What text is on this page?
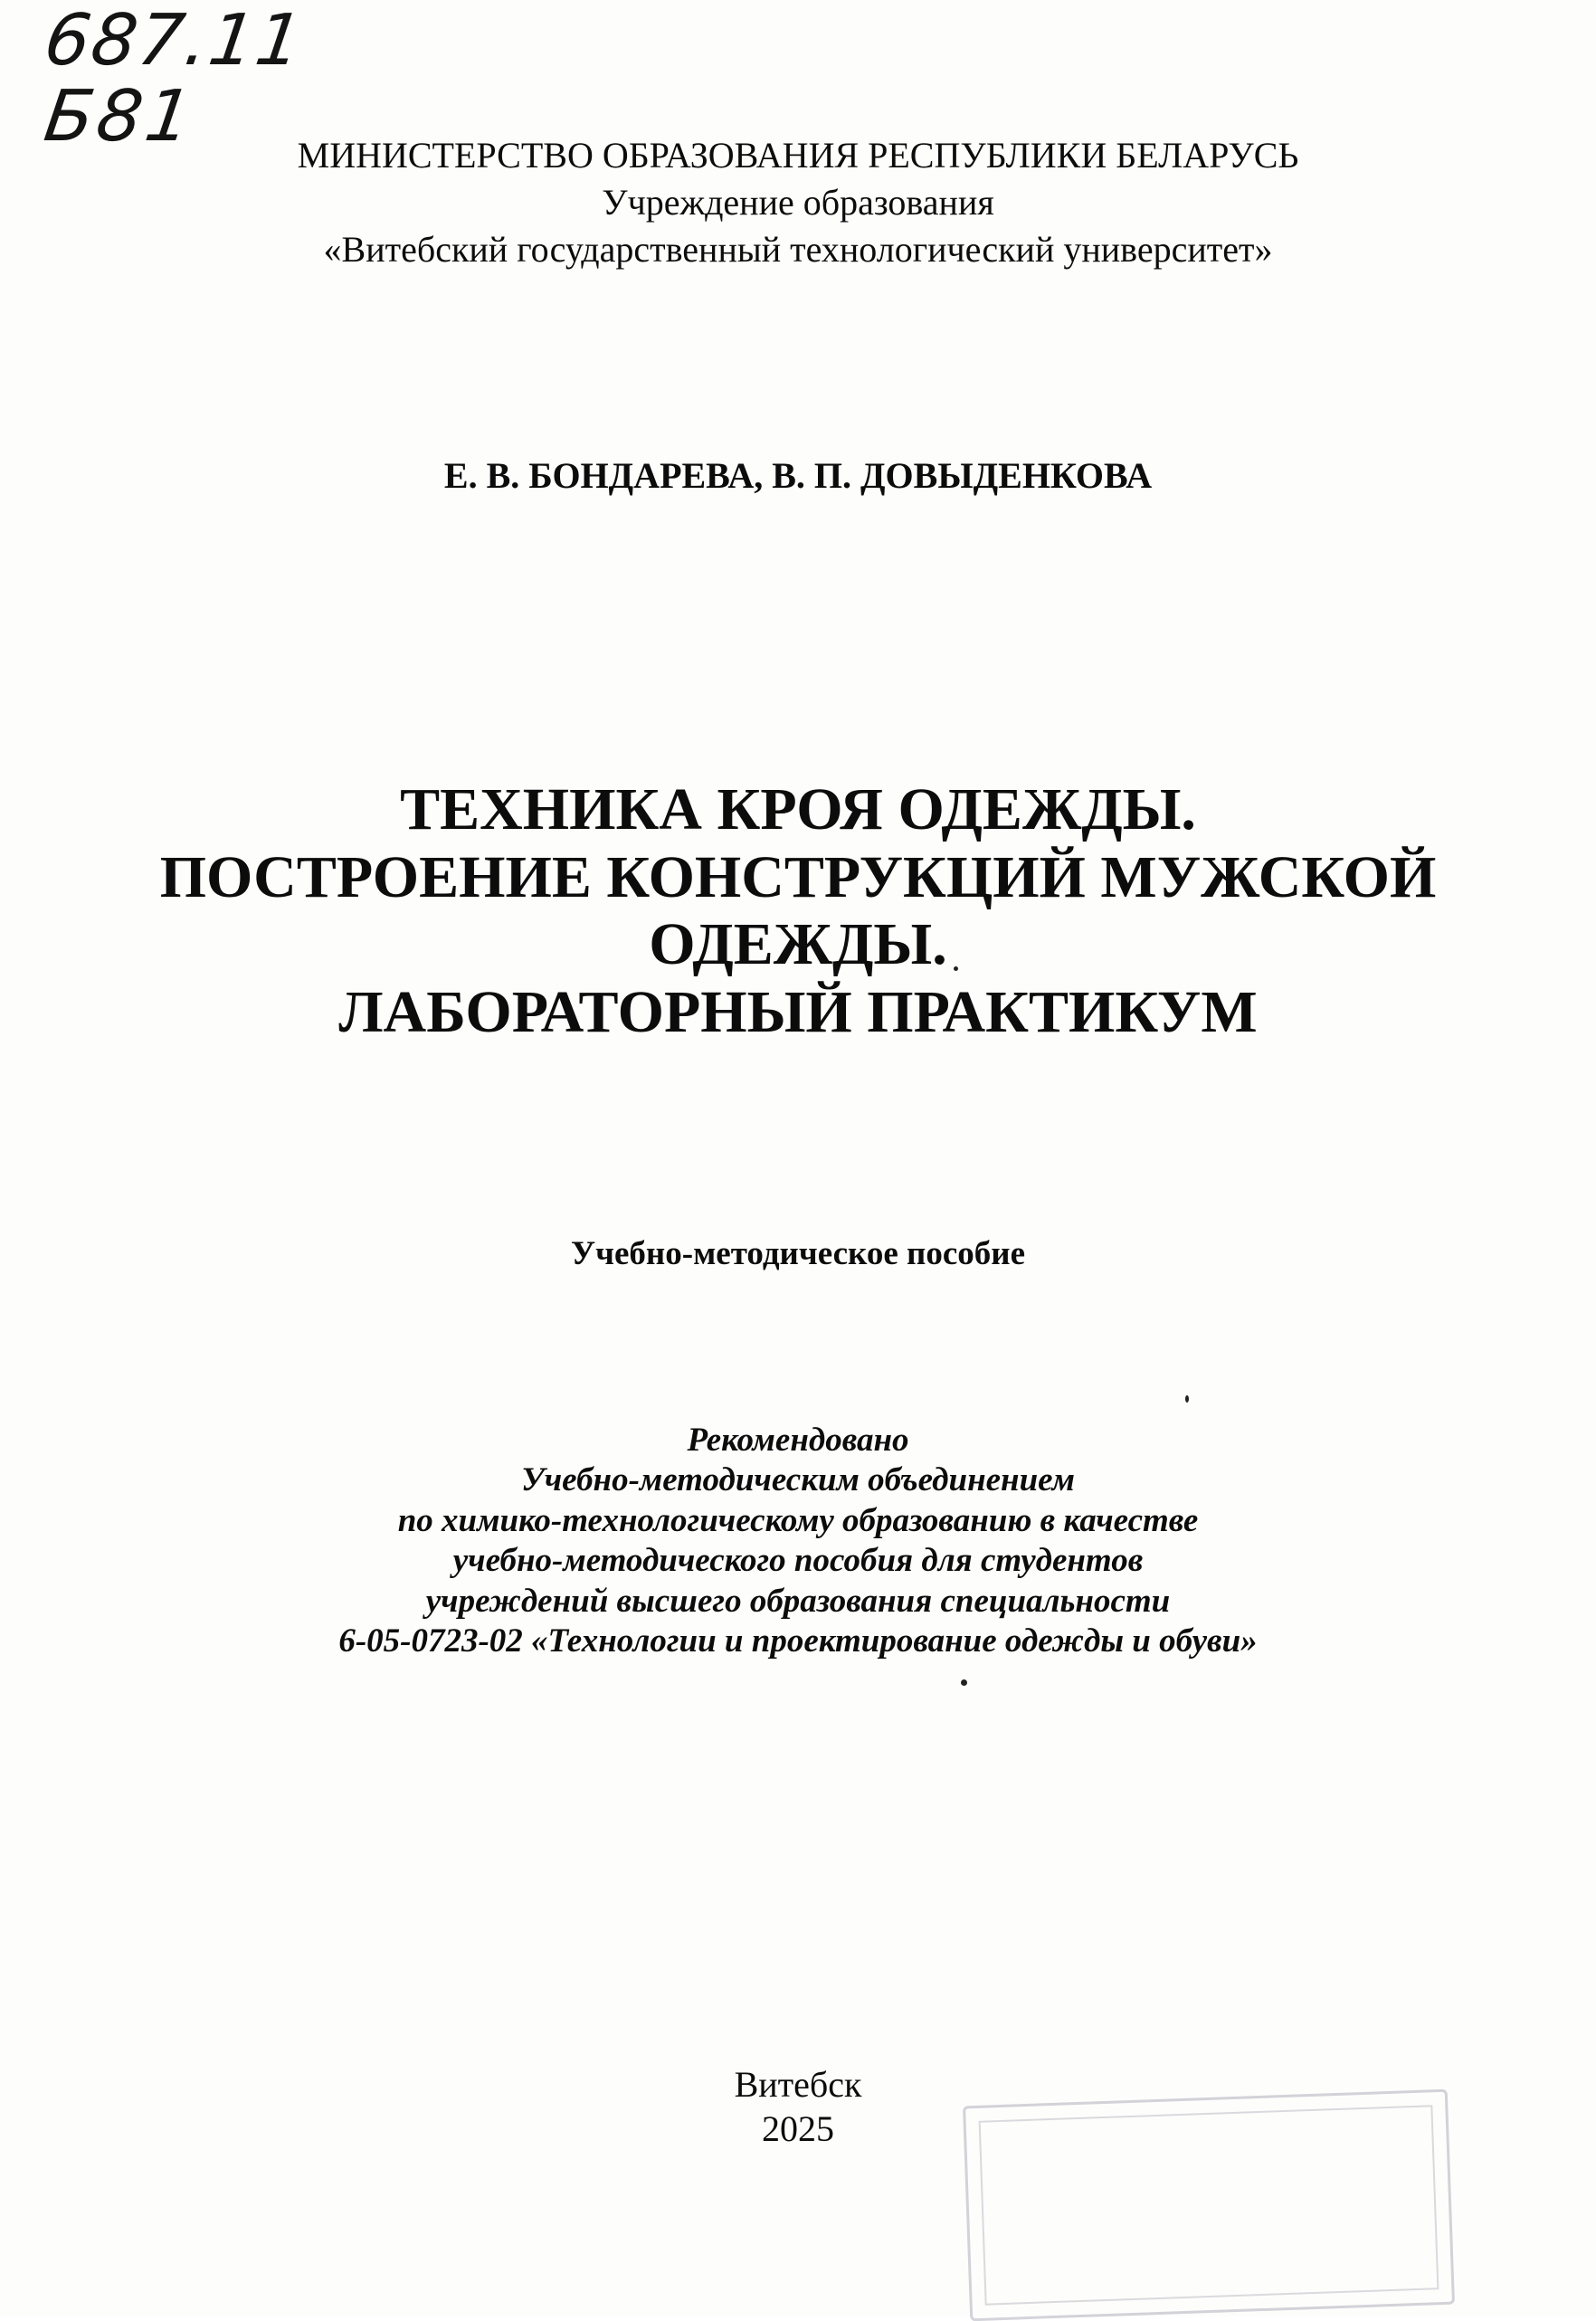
687.11
Б81	МИНИСТЕРСТВО ОБРАЗОВАНИЯ РЕСПУБЛИКИ БЕЛАРУСЬ
Учреждение образования
«Витебский государственный технологический университет»
Е. В. БОНДАРЕВА, В. П. ДОВЫДЕНКОВА
ТЕХНИКА КРОЯ ОДЕЖДЫ.
ПОСТРОЕНИЕ КОНСТРУКЦИЙ МУЖСКОЙ
ОДЕЖДЫ.
ЛАБОРАТОРНЫЙ ПРАКТИКУМ
Учебно-методическое пособие
Рекомендовано
Учебно-методическим объединением
по химико-технологическому образованию в качестве
учебно-методического пособия для студентов
учреждений высшего образования специальности
6-05-0723-02 «Технологии и проектирование одежды и обуви»
Витебск
2025
